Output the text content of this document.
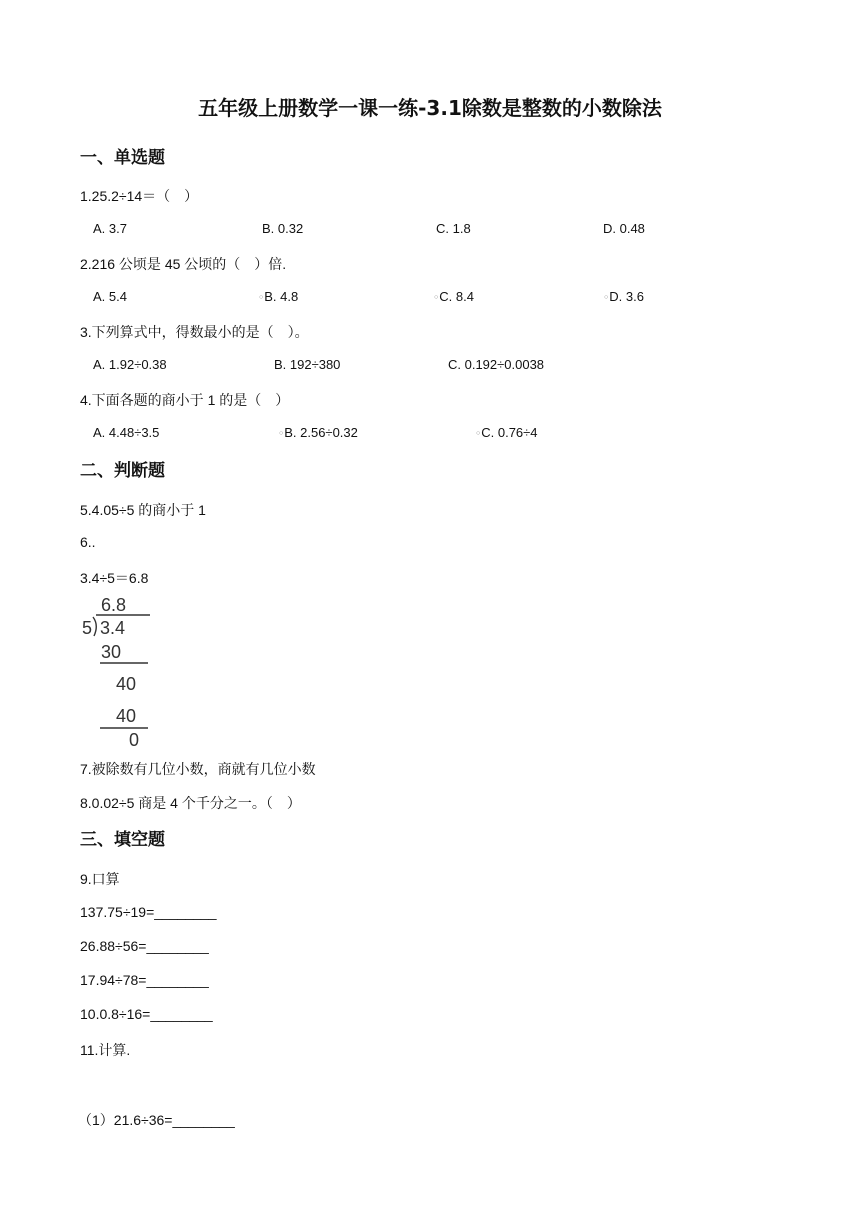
五年级上册数学一课一练-3.1除数是整数的小数除法
一、单选题
1.25.2÷14＝（　）
A. 3.7	B. 0.32	C. 1.8	D. 0.48
2.216 公顷是 45 公顷的（　）倍.
A. 5.4	○B. 4.8	○C. 8.4	○D. 3.6
3.下列算式中，得数最小的是（　）。
A. 1.92÷0.38	B. 192÷380	C. 0.192÷0.0038
4.下面各题的商小于 1 的是（　）
A. 4.48÷3.5	○B. 2.56÷0.32	○C. 0.76÷4
二、判断题
5.4.05÷5 的商小于 1
6..
3.4÷5＝6.8
6.8
5 3.4
30
40
40
0
7.被除数有几位小数，商就有几位小数
8.0.02÷5 商是 4 个千分之一。（　）
三、填空题
9.口算
137.75÷19=________
26.88÷56=________
17.94÷78=________
10.0.8÷16=________
11.计算.
（1）21.6÷36=________
